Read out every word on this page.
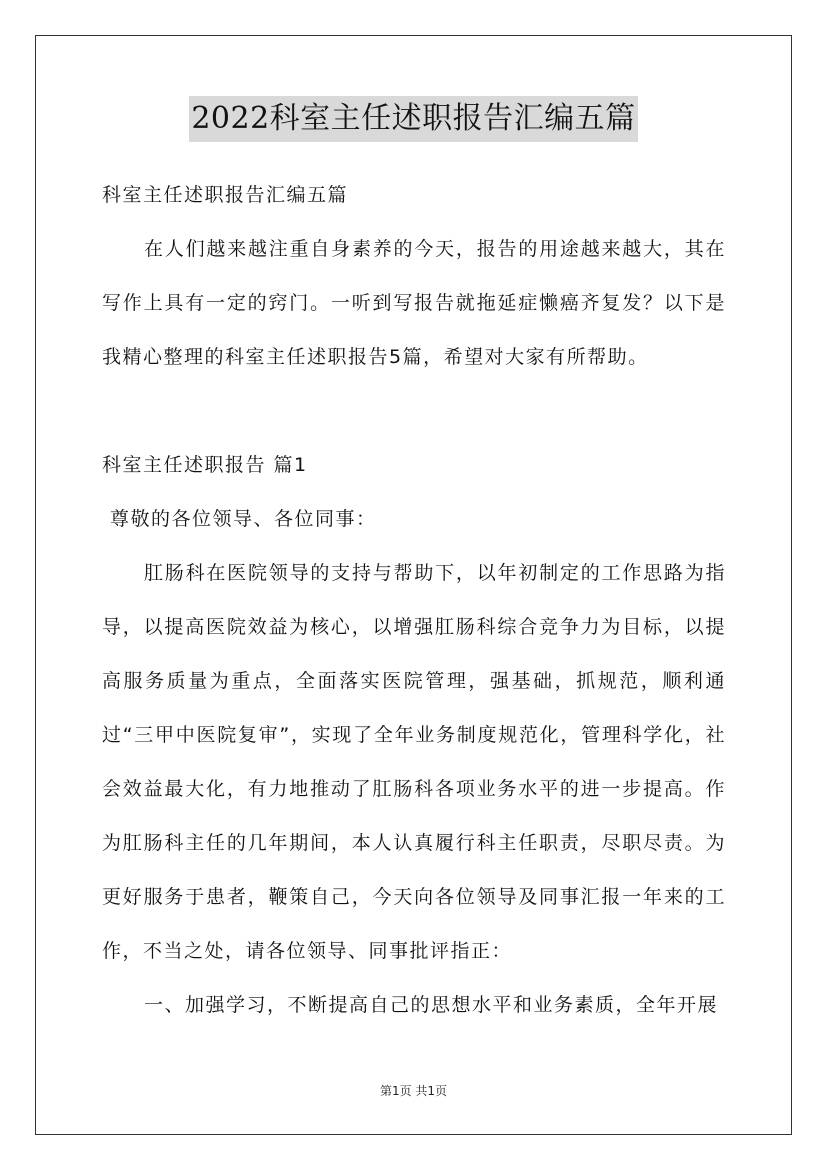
2022科室主任述职报告汇编五篇

科室主任述职报告汇编五篇

在人们越来越注重自身素养的今天，报告的用途越来越大，其在写作上具有一定的窍门。一听到写报告就拖延症懒癌齐复发？以下是我精心整理的科室主任述职报告5篇，希望对大家有所帮助。

科室主任述职报告 篇1

尊敬的各位领导、各位同事：

肛肠科在医院领导的支持与帮助下，以年初制定的工作思路为指导，以提高医院效益为核心，以增强肛肠科综合竞争力为目标，以提高服务质量为重点，全面落实医院管理，强基础，抓规范，顺利通过“三甲中医院复审”，实现了全年业务制度规范化，管理科学化，社会效益最大化，有力地推动了肛肠科各项业务水平的进一步提高。作为肛肠科主任的几年期间，本人认真履行科主任职责，尽职尽责。为更好服务于患者，鞭策自己，今天向各位领导及同事汇报一年来的工作，不当之处，请各位领导、同事批评指正：

一、加强学习，不断提高自己的思想水平和业务素质，全年开展

第1页 共1页
